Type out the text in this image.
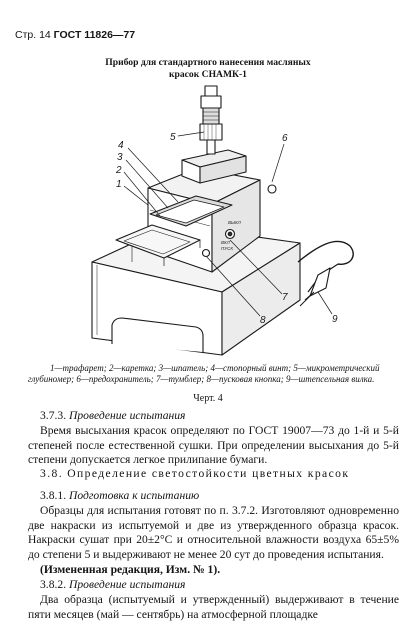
Стр. 14 ГОСТ 11826—77
Прибор для стандартного нанесения масляных
красок СНАМК-1
ВЫКЛ
ВКЛ
ПУСК
4
3
2
1
5	6
7
8	9
1—трафарет; 2—каретка; 3—шпатель; 4—стопорный винт; 5—микрометрический глубиномер; 6—предохранитель; 7—тумблер; 8—пусковая кнопка; 9—штепсельная вилка.
Черт. 4
3.7.3. Проведение испытания
Время высыхания красок определяют по ГОСТ 19007—73 до 1-й и 5-й степеней после естественной сушки. При определении высыхания до 5-й степени допускается легкое прилипание бумаги.
3.8. Определение светостойкости цветных красок
3.8.1. Подготовка к испытанию
Образцы для испытания готовят по п. 3.7.2. Изготовляют одновременно две накраски из испытуемой и две из утвержденного образца красок. Накраски сушат при 20±2°С и относительной влажности воздуха 65±5% до степени 5 и выдерживают не менее 20 сут до проведения испытания.
(Измененная редакция, Изм. № 1).
3.8.2. Проведение испытания
Два образца (испытуемый и утвержденный) выдерживают в течение пяти месяцев (май — сентябрь) на атмосферной площадке
